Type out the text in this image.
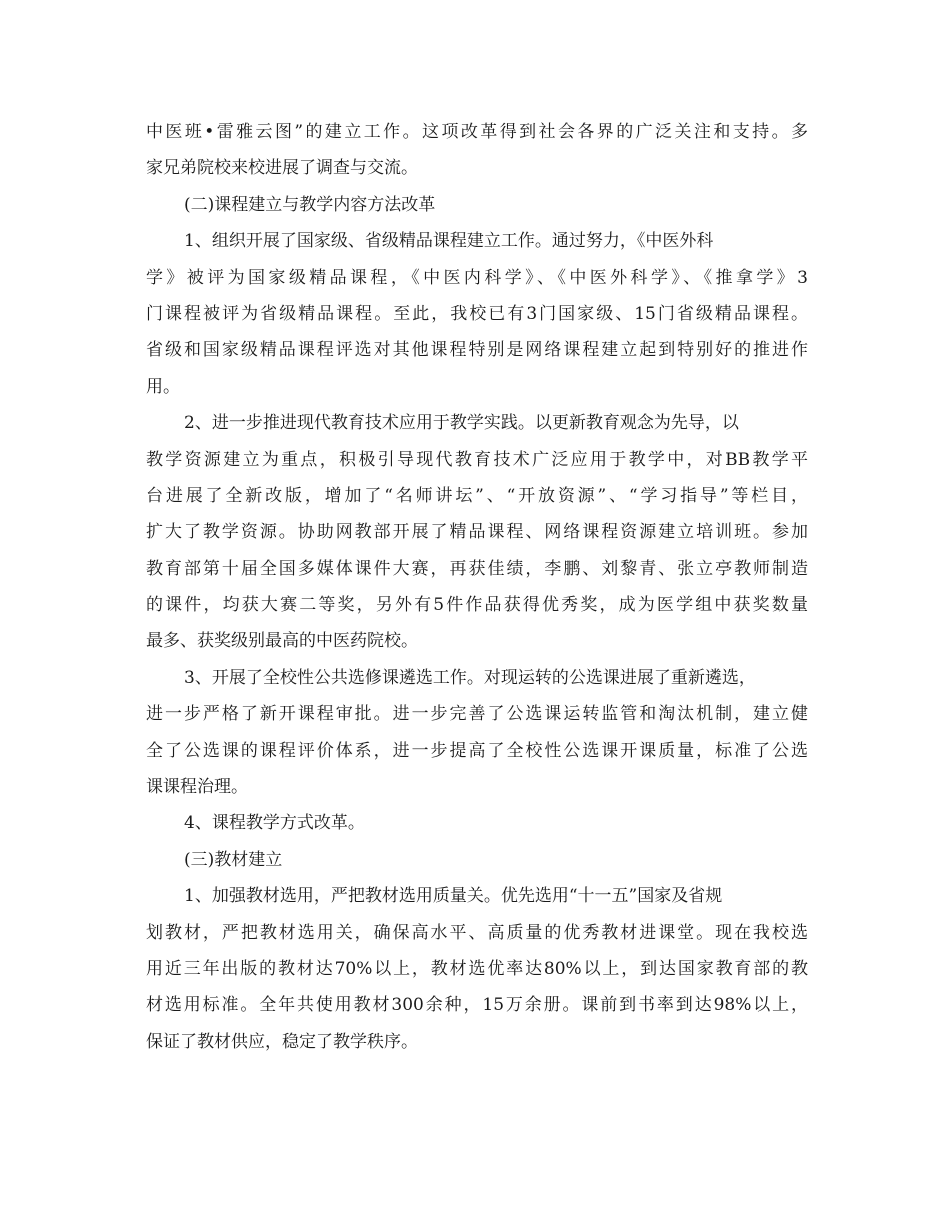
中医班•雷雅云图”的建立工作。这项改革得到社会各界的广泛关注和支持。多
家兄弟院校来校进展了调查与交流。
(二)课程建立与教学内容方法改革
1、组织开展了国家级、省级精品课程建立工作。通过努力，《中医外科
学》被评为国家级精品课程，《中医内科学》、《中医外科学》、《推拿学》3
门课程被评为省级精品课程。至此，我校已有3门国家级、15门省级精品课程。
省级和国家级精品课程评选对其他课程特别是网络课程建立起到特别好的推进作
用。
2、进一步推进现代教育技术应用于教学实践。以更新教育观念为先导，以
教学资源建立为重点，积极引导现代教育技术广泛应用于教学中，对BB教学平
台进展了全新改版，增加了“名师讲坛”、“开放资源”、“学习指导”等栏目，
扩大了教学资源。协助网教部开展了精品课程、网络课程资源建立培训班。参加
教育部第十届全国多媒体课件大赛，再获佳绩，李鹏、刘黎青、张立亭教师制造
的课件，均获大赛二等奖，另外有5件作品获得优秀奖，成为医学组中获奖数量
最多、获奖级别最高的中医药院校。
3、开展了全校性公共选修课遴选工作。对现运转的公选课进展了重新遴选，
进一步严格了新开课程审批。进一步完善了公选课运转监管和淘汰机制，建立健
全了公选课的课程评价体系，进一步提高了全校性公选课开课质量，标准了公选
课课程治理。
4、课程教学方式改革。
(三)教材建立
1、加强教材选用，严把教材选用质量关。优先选用“十一五”国家及省规
划教材，严把教材选用关，确保高水平、高质量的优秀教材进课堂。现在我校选
用近三年出版的教材达70%以上，教材选优率达80%以上，到达国家教育部的教
材选用标准。全年共使用教材300余种，15万余册。课前到书率到达98%以上，
保证了教材供应，稳定了教学秩序。
